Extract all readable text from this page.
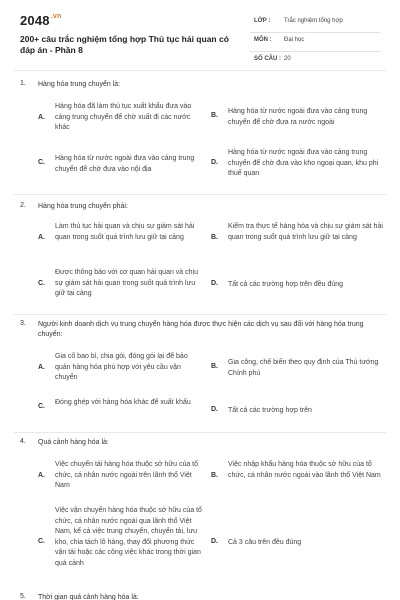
$2048^{.vn}$
200+ câu trắc nghiệm tổng hợp Thủ tục hải quan có đáp án - Phần 8
LỚP : Trắc nghiệm tổng hợp
MÔN : Đại học
SỐ CÂU : 20
1. Hàng hóa trung chuyển là:
A.
Hàng hóa đã làm thủ tục xuất khẩu đưa vào cảng trung chuyển để chờ xuất đi các nước khác
B.
Hàng hóa từ nước ngoài đưa vào cảng trung chuyển để chờ đưa ra nước ngoài
C.
Hàng hóa từ nước ngoài đưa vào cảng trung chuyển để chờ đưa vào nội địa
D.
Hàng hóa từ nước ngoài đưa vào cảng trung chuyển để chờ đưa vào kho ngoại quan, khu phi thuế quan
2. Hàng hóa trung chuyển phải:
A.
Làm thủ tục hải quan và chịu sự giám sát hải quan trong suốt quá trình lưu giữ tại cảng	B.
Kiểm tra thực tế hàng hóa và chịu sự giám sát hải quan trong suốt quá trình lưu giữ tại cảng
C.
Được thông báo với cơ quan hải quan và chịu sự giám sát hải quan trong suốt quá trình lưu giữ tại cảng
D. Tất cả các trường hợp trên đều đúng
3. Người kinh doanh dịch vụ trung chuyển hàng hóa được thực hiện các dịch vụ sau đối với hàng hóa trung chuyển:
A.
Gia cố bao bì, chia gói, đóng gói lại để bảo quản hàng hóa phù hợp với yêu cầu vận chuyển
B.
Gia công, chế biến theo quy định của Thủ tướng Chính phủ
C.
Đóng ghép với hàng hóa khác để xuất khẩu
D. Tất cả các trường hợp trên
4. Quá cảnh hàng hóa là:
A.
Việc chuyển tải hàng hóa thuộc sở hữu của tổ chức, cá nhân nước ngoài trên lãnh thổ Việt Nam
B.
Việc nhập khẩu hàng hóa thuộc sở hữu của tổ chức, cá nhân nước ngoài vào lãnh thổ Việt Nam
C.
Việc vận chuyển hàng hóa thuộc sở hữu của tổ chức, cá nhân nước ngoài qua lãnh thổ Việt Nam, kể cả việc trung chuyển, chuyển tải, lưu kho, chia tách lô hàng, thay đổi phương thức vận tải hoặc các công việc khác trong thời gian quá cảnh
D. Cả 3 câu trên đều đúng
5. Thời gian quá cảnh hàng hóa là:
